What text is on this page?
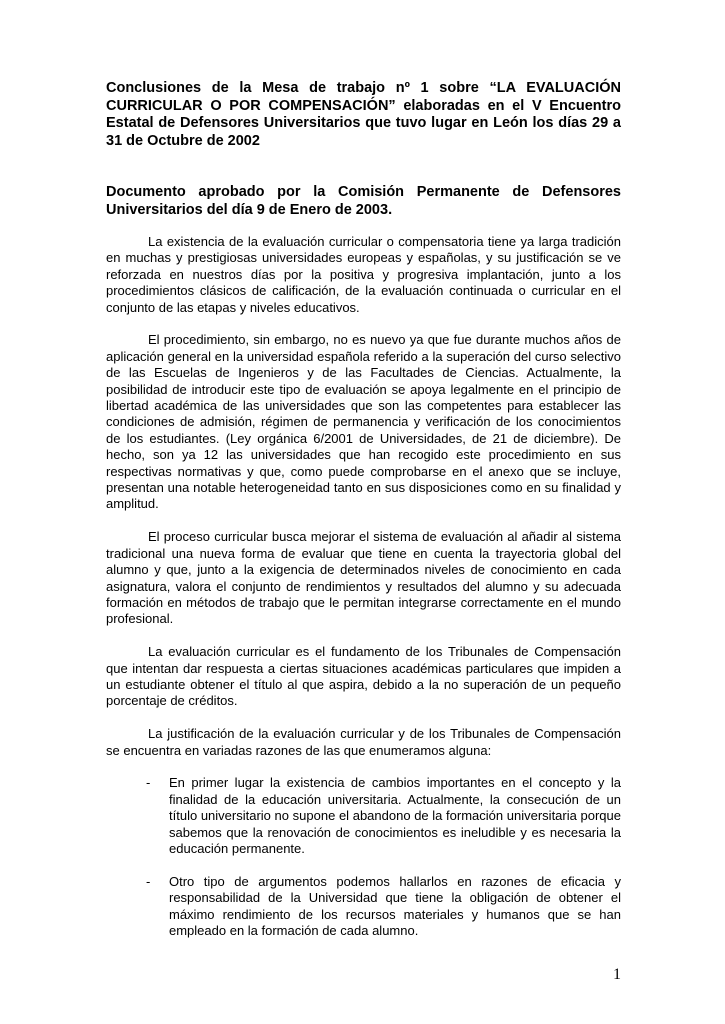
Conclusiones de la Mesa de trabajo nº 1 sobre “LA EVALUACIÓN CURRICULAR O POR COMPENSACIÓN” elaboradas en el V Encuentro Estatal de Defensores Universitarios que tuvo lugar en León los días 29 a 31 de Octubre de 2002

Documento aprobado por la Comisión Permanente de Defensores Universitarios del día 9 de Enero de 2003.

La existencia de la evaluación curricular o compensatoria tiene ya larga tradición en muchas y prestigiosas universidades europeas y españolas, y su justificación se ve reforzada en nuestros días por la positiva y progresiva implantación, junto a los procedimientos clásicos de calificación, de la evaluación continuada o curricular en el conjunto de las etapas y niveles educativos.

El procedimiento, sin embargo, no es nuevo ya que fue durante muchos años de aplicación general en la universidad española referido a la superación del curso selectivo de las Escuelas de Ingenieros y de las Facultades de Ciencias. Actualmente, la posibilidad de introducir este tipo de evaluación se apoya legalmente en el principio de libertad académica de las universidades que son las competentes para establecer las condiciones de admisión, régimen de permanencia y verificación de los conocimientos de los estudiantes. (Ley orgánica 6/2001 de Universidades, de 21 de diciembre). De hecho, son ya 12 las universidades que han recogido este procedimiento en sus respectivas normativas y que, como puede comprobarse en el anexo que se incluye, presentan una notable heterogeneidad tanto en sus disposiciones como en su finalidad y amplitud.

El proceso curricular busca mejorar el sistema de evaluación al añadir al sistema tradicional una nueva forma de evaluar que tiene en cuenta la trayectoria global del alumno y que, junto a la exigencia de determinados niveles de conocimiento en cada asignatura, valora el conjunto de rendimientos y resultados del alumno y su adecuada formación en métodos de trabajo que le permitan integrarse correctamente en el mundo profesional.

La evaluación curricular es el fundamento de los Tribunales de Compensación que intentan dar respuesta a ciertas situaciones académicas particulares que impiden a un estudiante obtener el título al que aspira, debido a la no superación de un pequeño porcentaje de créditos.

La justificación de la evaluación curricular y de los Tribunales de Compensación se encuentra en variadas razones de las que enumeramos alguna:

- En primer lugar la existencia de cambios importantes en el concepto y la finalidad de la educación universitaria. Actualmente, la consecución de un título universitario no supone el abandono de la formación universitaria porque sabemos que la renovación de conocimientos es ineludible y es necesaria la educación permanente.
- Otro tipo de argumentos podemos hallarlos en razones de eficacia y responsabilidad de la Universidad que tiene la obligación de obtener el máximo rendimiento de los recursos materiales y humanos que se han empleado en la formación de cada alumno.
1
